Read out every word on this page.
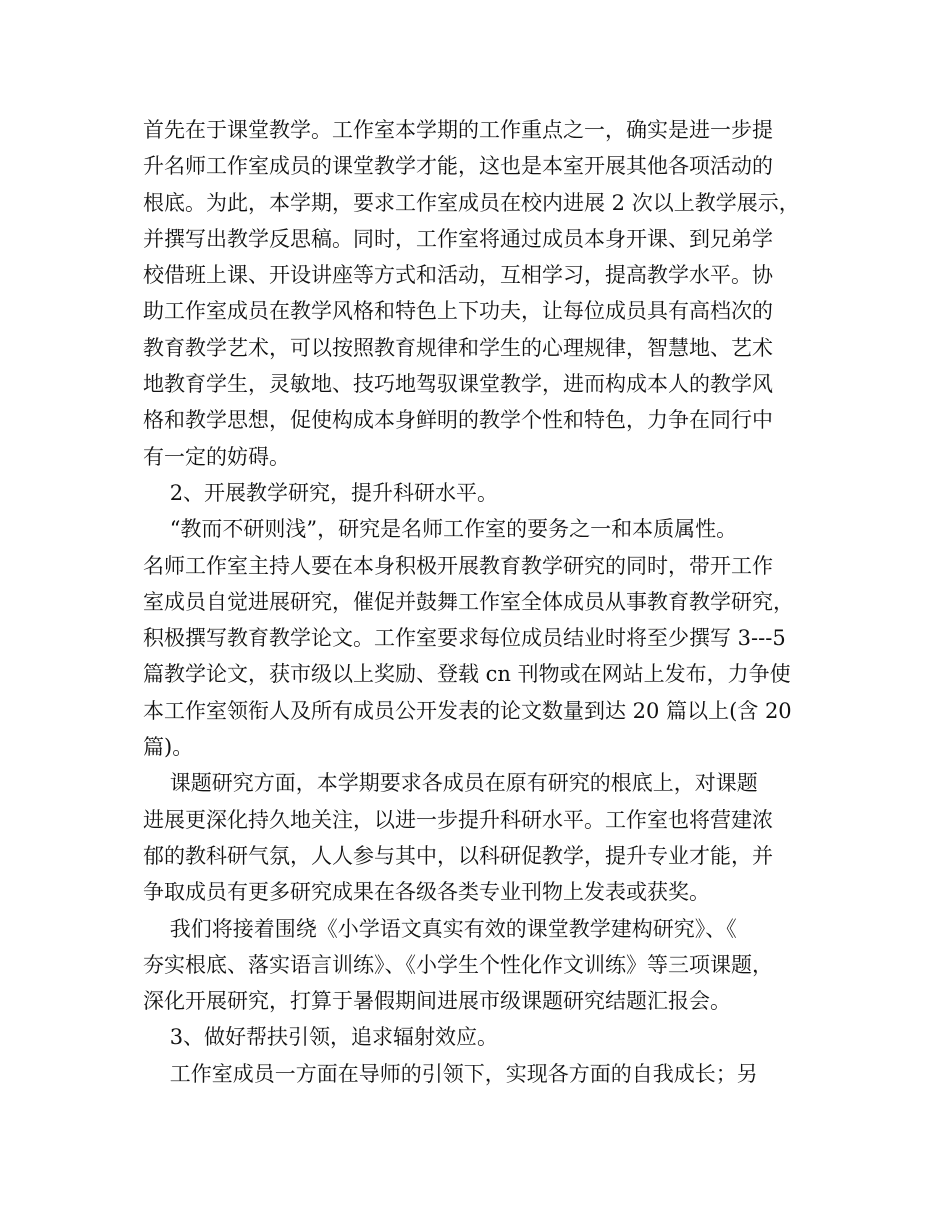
首先在于课堂教学。工作室本学期的工作重点之一，确实是进一步提
升名师工作室成员的课堂教学才能，这也是本室开展其他各项活动的
根底。为此，本学期，要求工作室成员在校内进展 2 次以上教学展示，
并撰写出教学反思稿。同时，工作室将通过成员本身开课、到兄弟学
校借班上课、开设讲座等方式和活动，互相学习，提高教学水平。协
助工作室成员在教学风格和特色上下功夫，让每位成员具有高档次的
教育教学艺术，可以按照教育规律和学生的心理规律，智慧地、艺术
地教育学生，灵敏地、技巧地驾驭课堂教学，进而构成本人的教学风
格和教学思想，促使构成本身鲜明的教学个性和特色，力争在同行中
有一定的妨碍。
2、开展教学研究，提升科研水平。
“教而不研则浅”，研究是名师工作室的要务之一和本质属性。
名师工作室主持人要在本身积极开展教育教学研究的同时，带开工作
室成员自觉进展研究，催促并鼓舞工作室全体成员从事教育教学研究，
积极撰写教育教学论文。工作室要求每位成员结业时将至少撰写 3---5
篇教学论文，获市级以上奖励、登载 cn 刊物或在网站上发布，力争使
本工作室领衔人及所有成员公开发表的论文数量到达 20 篇以上(含 20
篇)。
课题研究方面，本学期要求各成员在原有研究的根底上，对课题
进展更深化持久地关注，以进一步提升科研水平。工作室也将营建浓
郁的教科研气氛，人人参与其中，以科研促教学，提升专业才能，并
争取成员有更多研究成果在各级各类专业刊物上发表或获奖。
我们将接着围绕《小学语文真实有效的课堂教学建构研究》、《
夯实根底、落实语言训练》、《小学生个性化作文训练》等三项课题，
深化开展研究，打算于暑假期间进展市级课题研究结题汇报会。
3、做好帮扶引领，追求辐射效应。
工作室成员一方面在导师的引领下，实现各方面的自我成长；另
